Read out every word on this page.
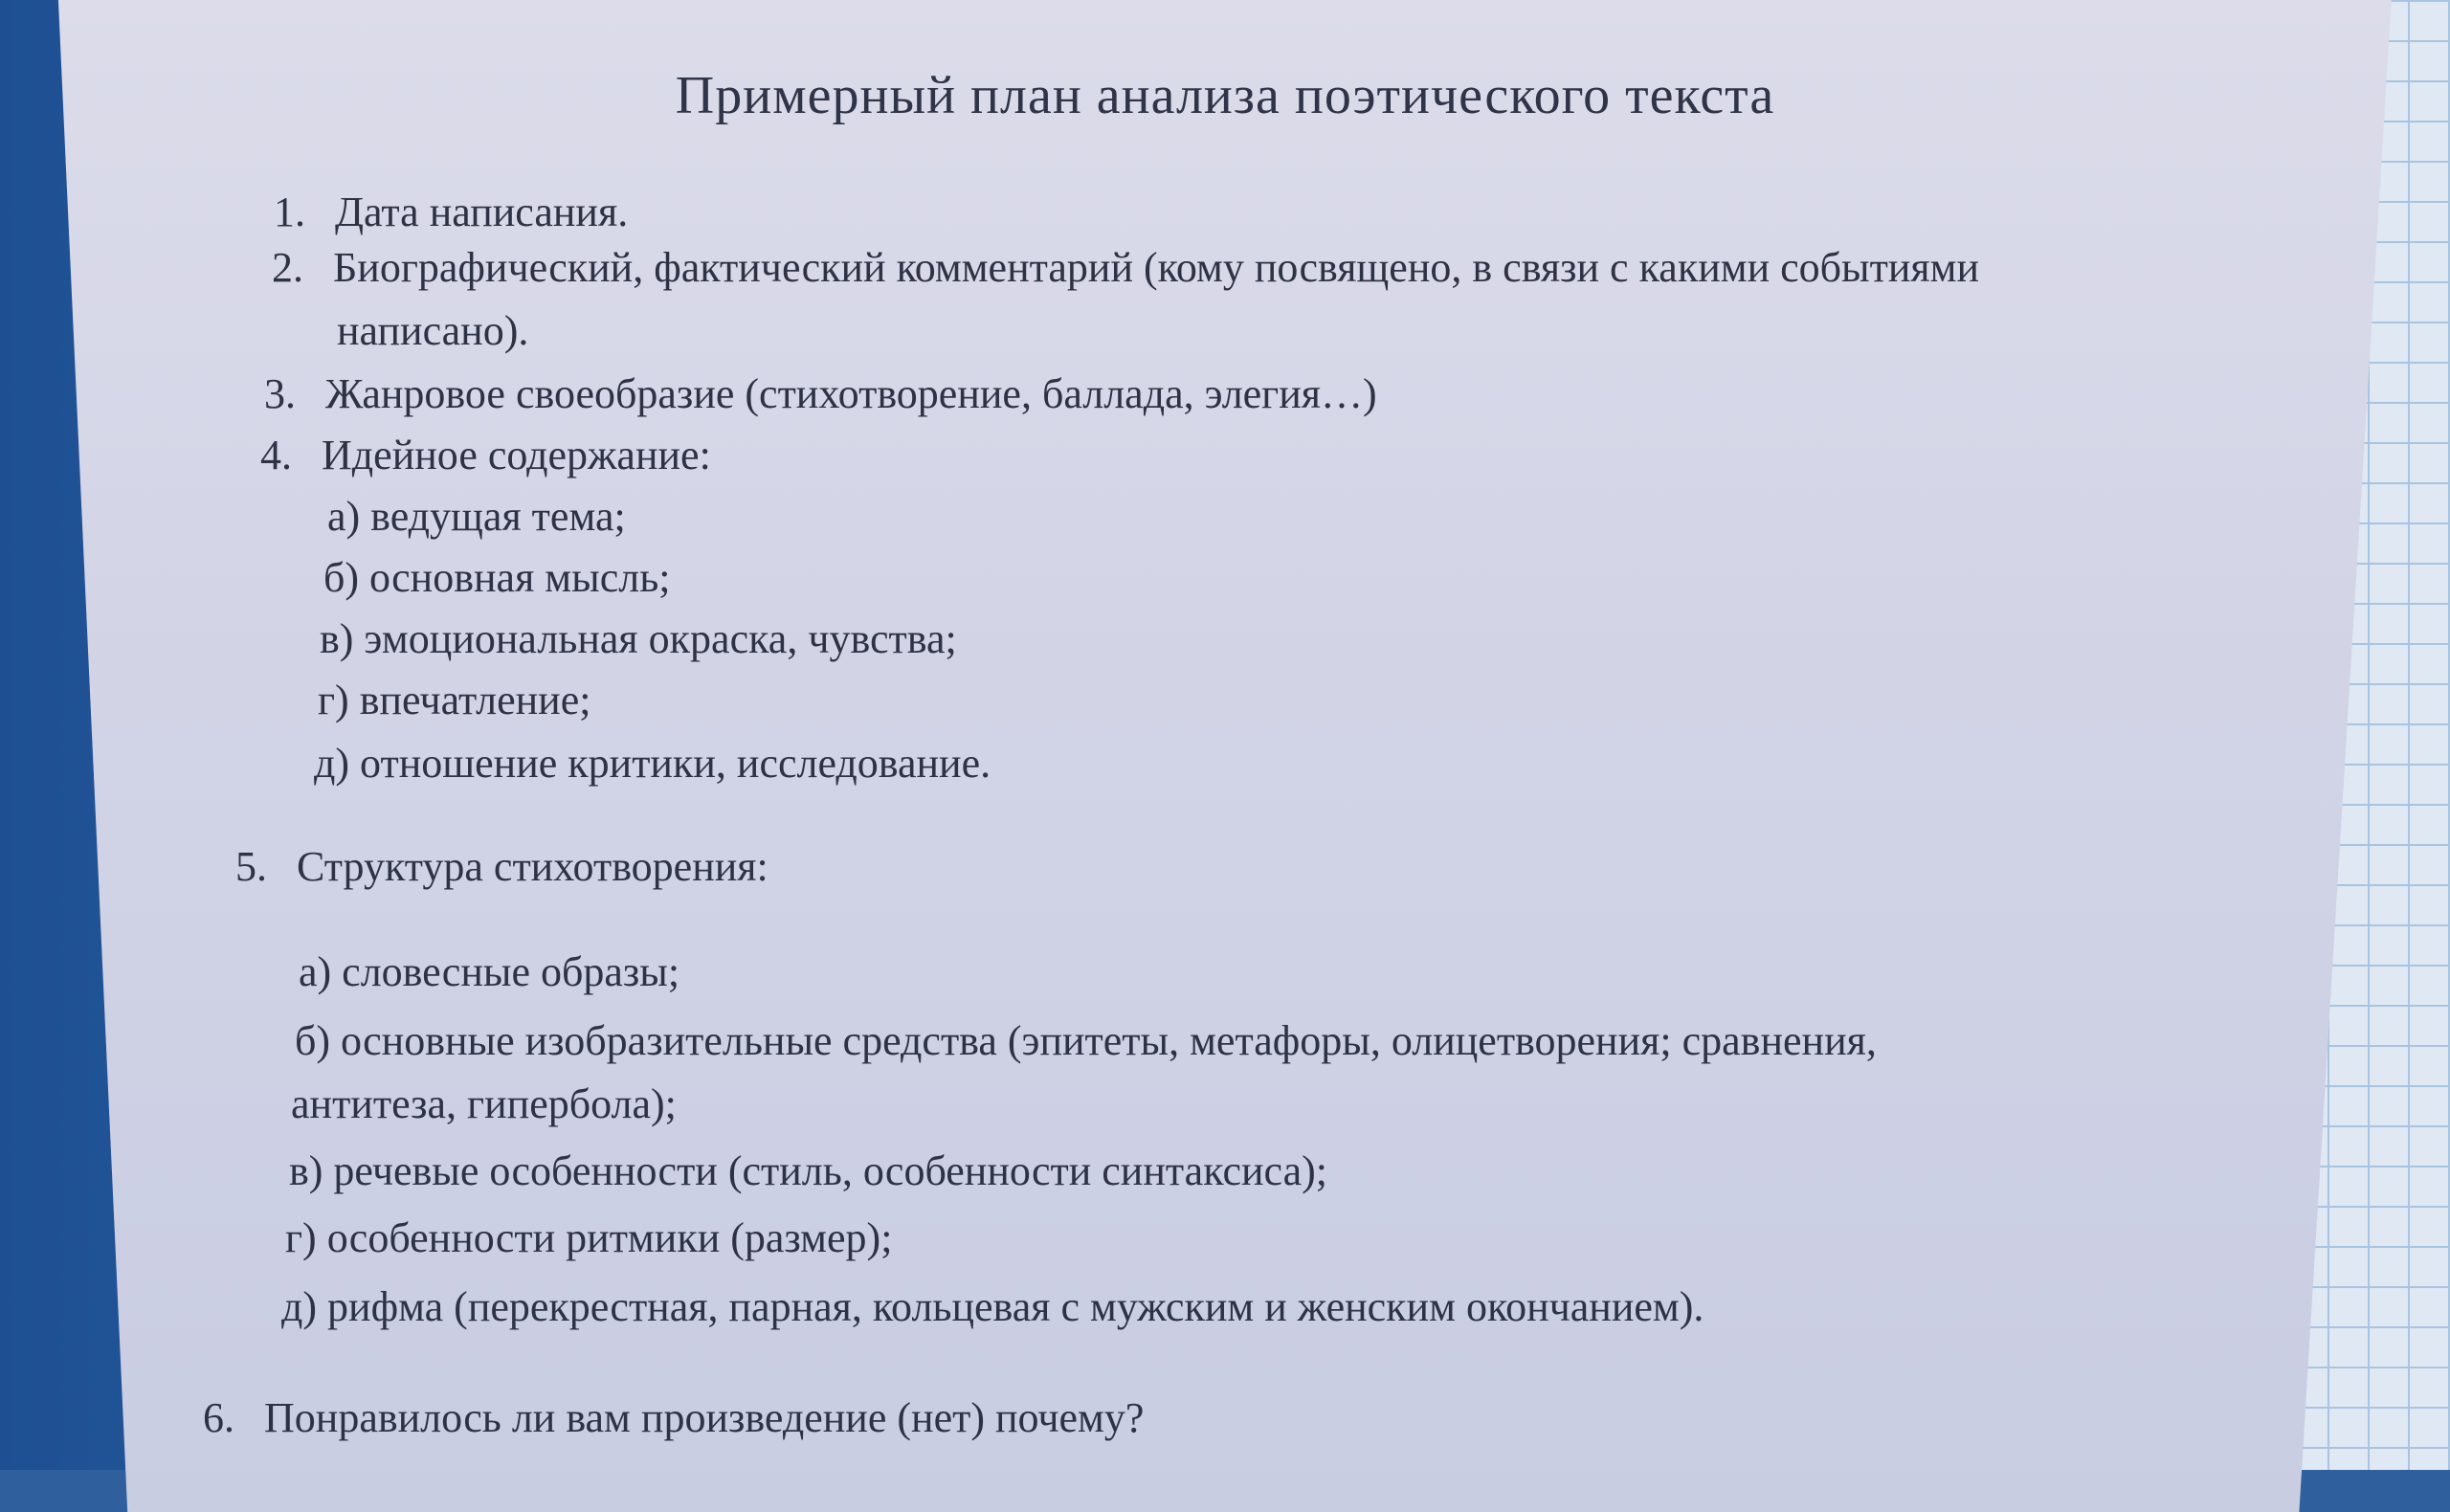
Примерный план анализа поэтического текста
1. Дата написания.
2. Биографический, фактический комментарий (кому посвящено, в связи с какими событиями
написано).
3. Жанровое своеобразие (стихотворение, баллада, элегия…)
4. Идейное содержание:
а) ведущая тема;
б) основная мысль;
в) эмоциональная окраска, чувства;
г) впечатление;
д) отношение критики, исследование.
5. Структура стихотворения:
а) словесные образы;
б) основные изобразительные средства (эпитеты, метафоры, олицетворения; сравнения,
антитеза, гипербола);
в) речевые особенности (стиль, особенности синтаксиса);
г) особенности ритмики (размер);
д) рифма (перекрестная, парная, кольцевая с мужским и женским окончанием).
6. Понравилось ли вам произведение (нет) почему?
